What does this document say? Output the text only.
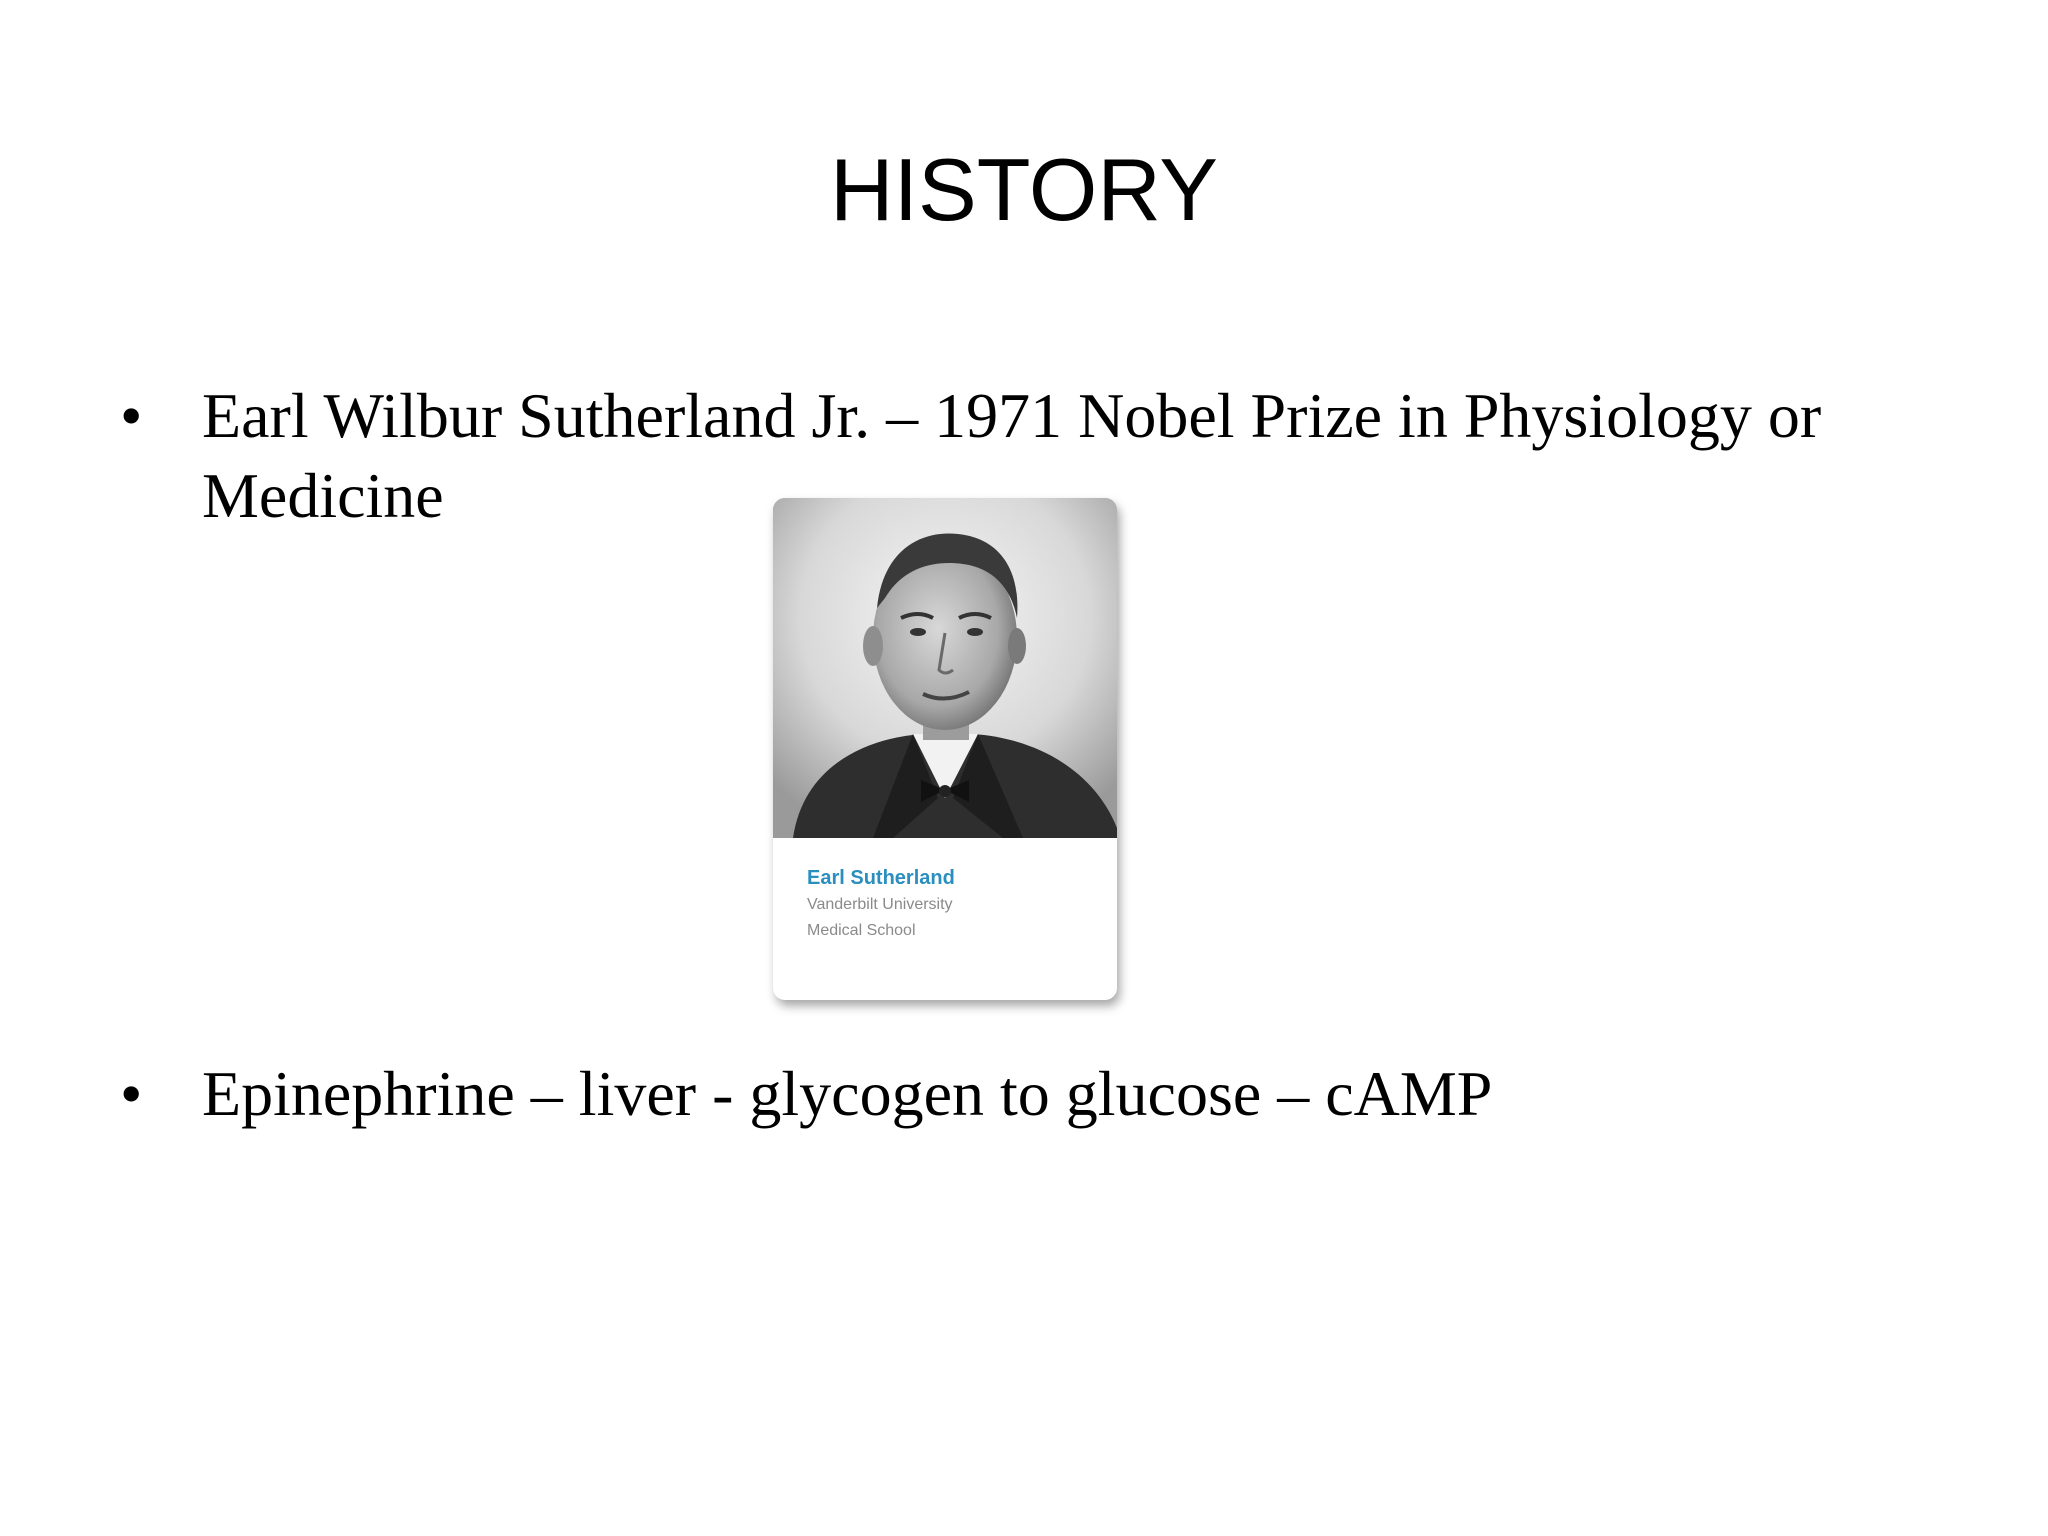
HISTORY
• Earl Wilbur Sutherland Jr. – 1971 Nobel Prize in Physiology or Medicine
Earl Sutherland
Vanderbilt University
Medical School
• Epinephrine – liver - glycogen to glucose – cAMP
